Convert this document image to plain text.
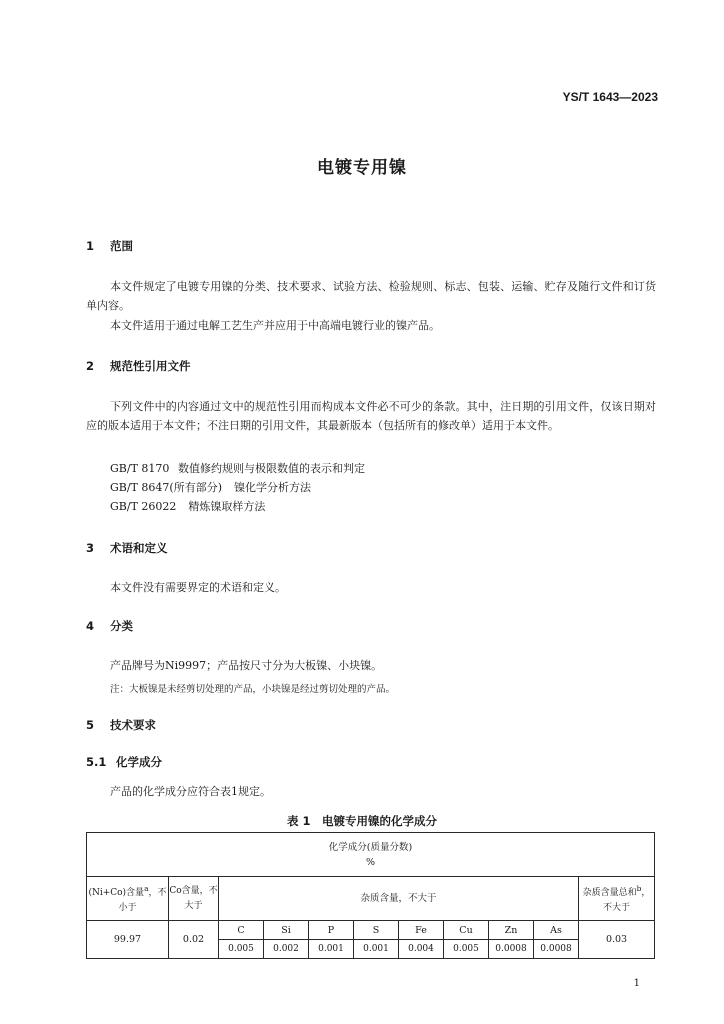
YS/T 1643—2023
电镀专用镍
1 范围
本文件规定了电镀专用镍的分类、技术要求、试验方法、检验规则、标志、包装、运输、贮存及随行文件和订货单内容。
本文件适用于通过电解工艺生产并应用于中高端电镀行业的镍产品。
2 规范性引用文件
下列文件中的内容通过文中的规范性引用而构成本文件必不可少的条款。其中，注日期的引用文件，仅该日期对应的版本适用于本文件；不注日期的引用文件，其最新版本（包括所有的修改单）适用于本文件。
GB/T 8170 数值修约规则与极限数值的表示和判定
GB/T 8647(所有部分) 镍化学分析方法
GB/T 26022 精炼镍取样方法
3 术语和定义
本文件没有需要界定的术语和定义。
4 分类
产品牌号为Ni9997；产品按尺寸分为大板镍、小块镍。
注：大板镍是未经剪切处理的产品，小块镍是经过剪切处理的产品。
5 技术要求
5.1 化学成分
产品的化学成分应符合表1规定。
表 1　电镀专用镍的化学成分
化学成分(质量分数)
%										

(Ni+Co)含量$^a$，不小于	Co含量，不大于	杂质含量，不大于								杂质含量总和$^b$，不大于

99.97	0.02	C	Si	P	S	Fe	Cu	Zn	As	0.03
		0.005	0.002	0.001	0.001	0.004	0.005	0.0008	0.0008	
1
